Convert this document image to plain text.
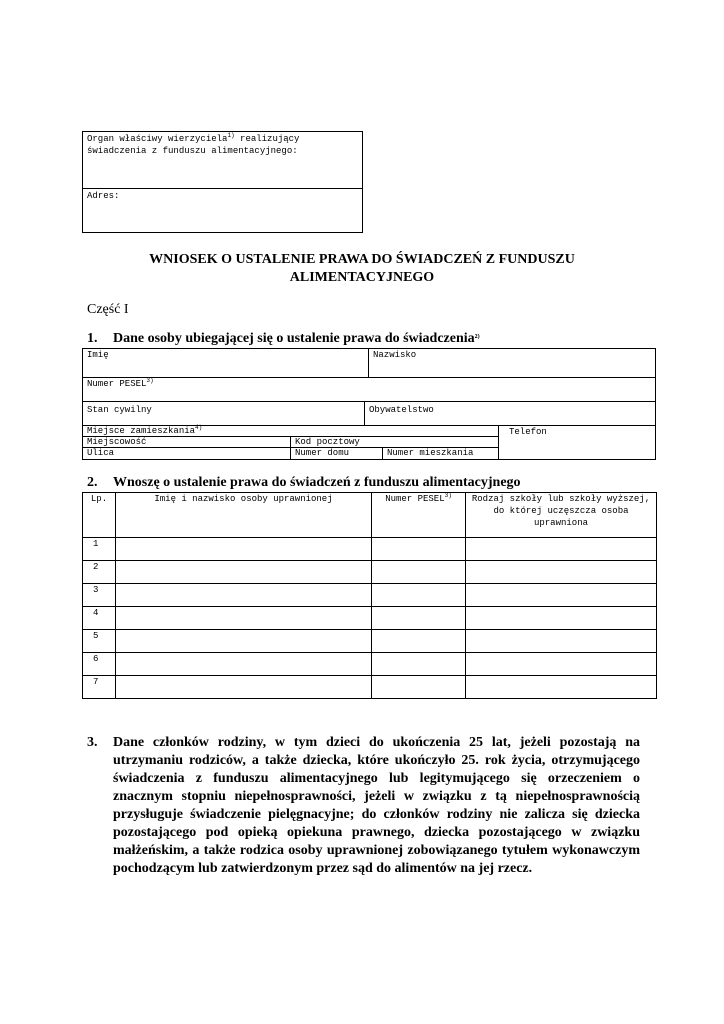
Organ właściwy wierzyciela$^{1)}$ realizujący świadczenia z funduszu alimentacyjnego:
Adres:
WNIOSEK O USTALENIE PRAWA DO ŚWIADCZEŃ Z FUNDUSZU ALIMENTACYJNEGO
Część I
1. Dane osoby ubiegającej się o ustalenie prawa do świadczenia$^{2)}$
Imię	Nazwisko
Numer PESEL$^{3)}$
Stan cywilny	Obywatelstwo
Miejsce zamieszkania$^{4)}$	Telefon
Miejscowość	Kod pocztowy
Ulica	Numer domu	Numer mieszkania
2. Wnoszę o ustalenie prawa do świadczeń z funduszu alimentacyjnego
Lp.	Imię i nazwisko osoby uprawnionej	Numer PESEL$^{3)}$	Rodzaj szkoły lub szkoły wyższej, do której uczęszcza osoba uprawniona
1			
2			
3			
4			
5			
6			
7			
3. Dane członków rodziny, w tym dzieci do ukończenia 25 lat, jeżeli pozostają na utrzymaniu rodziców, a także dziecka, które ukończyło 25. rok życia, otrzymującego świadczenia z funduszu alimentacyjnego lub legitymującego się orzeczeniem o znacznym stopniu niepełnosprawności, jeżeli w związku z tą niepełnosprawnością przysługuje świadczenie pielęgnacyjne; do członków rodziny nie zalicza się dziecka pozostającego pod opieką opiekuna prawnego, dziecka pozostającego w związku małżeńskim, a także rodzica osoby uprawnionej zobowiązanego tytułem wykonawczym pochodzącym lub zatwierdzonym przez sąd do alimentów na jej rzecz.
